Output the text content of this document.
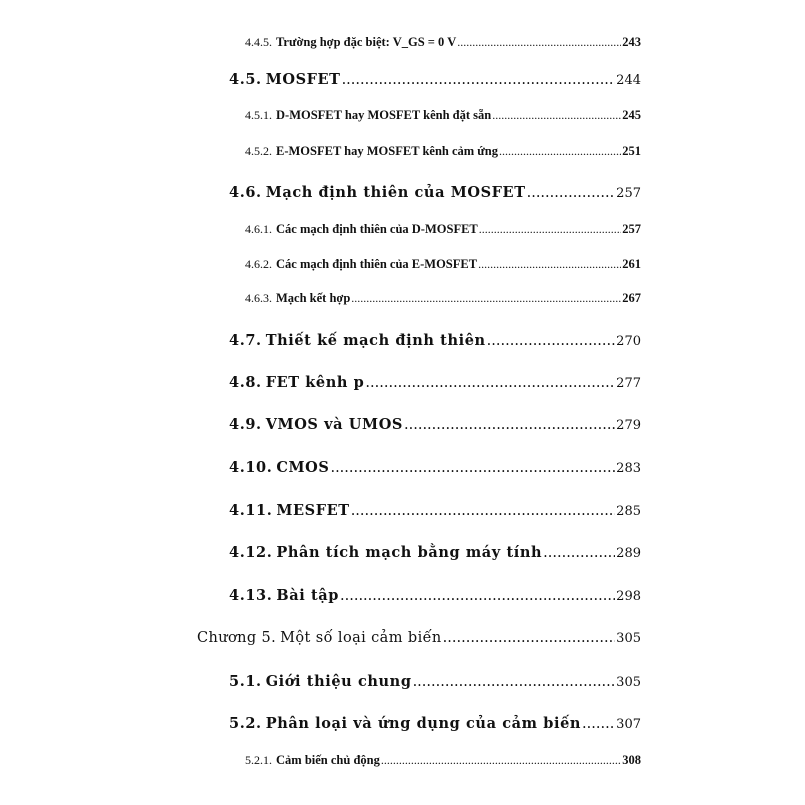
4.4.5. Trường hợp đặc biệt: V_GS = 0 V .....	243
4.5. MOSFET .....	244
4.5.1. D-MOSFET hay MOSFET kênh đặt sẵn .....	245
4.5.2. E-MOSFET hay MOSFET kênh cảm ứng .....	251
4.6. Mạch định thiên của MOSFET .....	257
4.6.1. Các mạch định thiên của D-MOSFET .....	257
4.6.2. Các mạch định thiên của E-MOSFET .....	261
4.6.3. Mạch kết hợp .....	267
4.7. Thiết kế mạch định thiên .....	270
4.8. FET kênh p .....	277
4.9. VMOS và UMOS .....	279
4.10. CMOS .....	283
4.11. MESFET .....	285
4.12. Phân tích mạch bằng máy tính .....	289
4.13. Bài tập .....	298
Chương 5. Một số loại cảm biến .....	305
5.1. Giới thiệu chung .....	305
5.2. Phân loại và ứng dụng của cảm biến .....	307
5.2.1. Cảm biến chủ động .....	308
